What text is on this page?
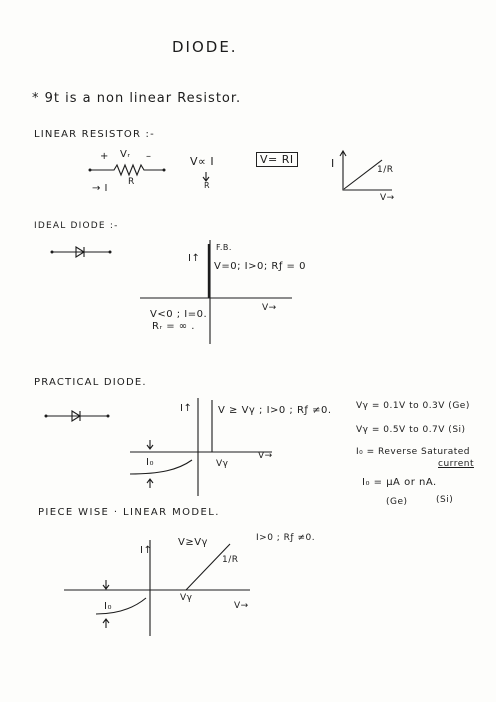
DIODE.
* 9t is a non linear Resistor.
LINEAR RESISTOR :-
+ Vᵣ –
R
→ I
V∝ I
R
V= RI	I
V→
1/R
IDEAL DIODE :-
I↑
F.B.
V=0; I>0; Rƒ = 0
V→
V<0 ; I=0.
Rᵣ = ∞ .
PRACTICAL DIODE.
I↑	V ≥ Vγ ; I>0 ; Rƒ ≠0.
V→
Vγ
I₀
Vγ = 0.1V to 0.3V (Ge)
Vγ = 0.5V to 0.7V (Si)
I₀ = Reverse Saturated
current
I₀ = μA or nA.
(Ge)	(Si)
PIECE WISE · LINEAR MODEL.
I↑
V≥Vγ	I>0 ; Rƒ ≠0.
1/R
I₀
Vγ
V→
